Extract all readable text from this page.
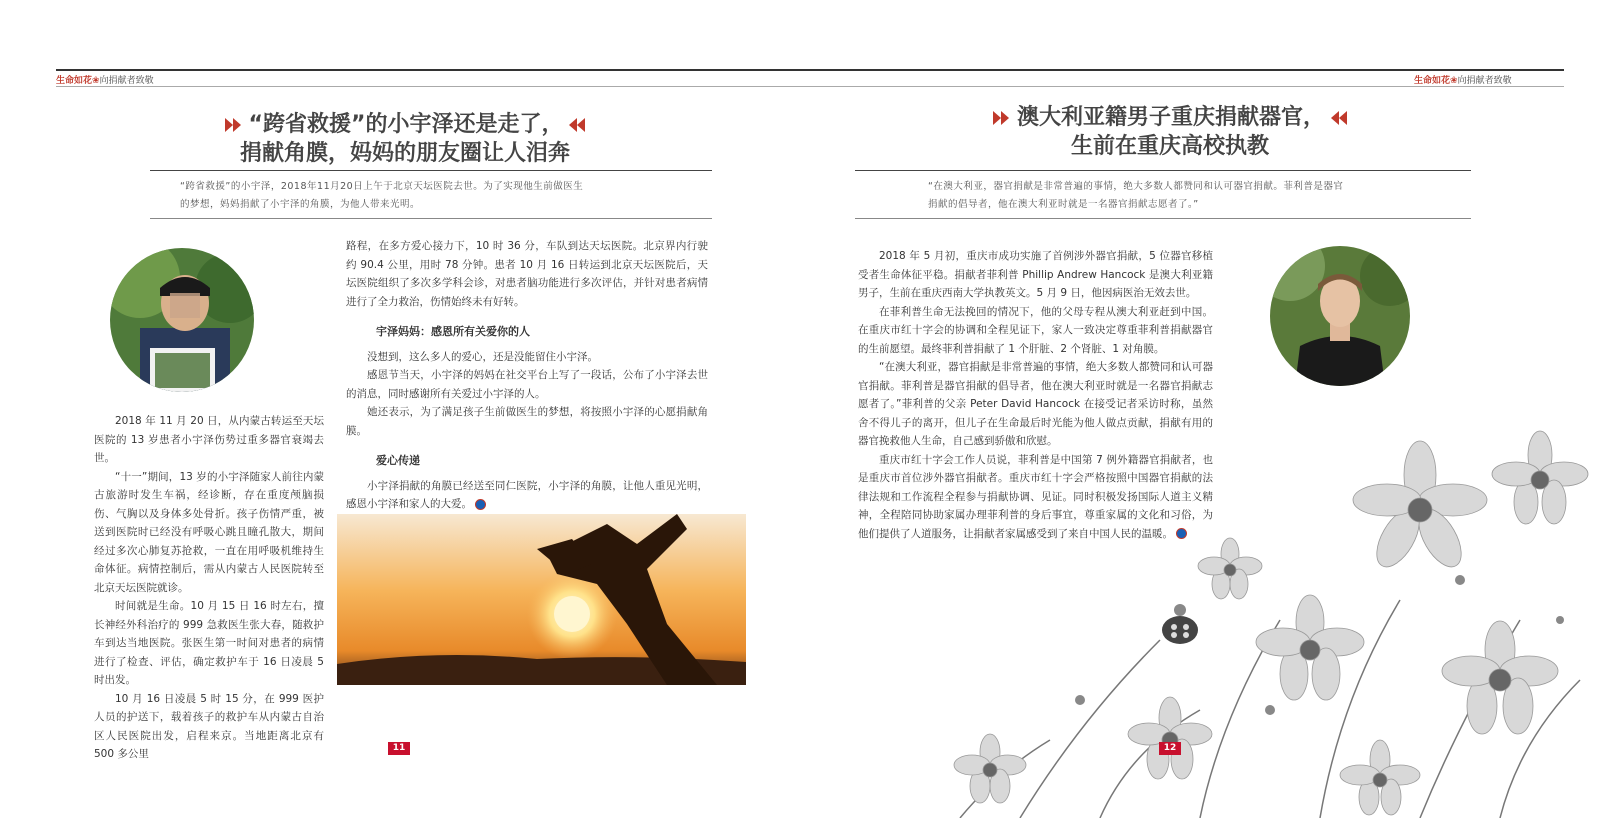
生命如花❀向捐献者致敬	生命如花❀向捐献者致敬
“跨省救援”的小宇泽还是走了，
捐献角膜，妈妈的朋友圈让人泪奔
“跨省救援”的小宇泽，2018年11月20日上午于北京天坛医院去世。为了实现他生前做医生
的梦想，妈妈捐献了小宇泽的角膜，为他人带来光明。

2018 年 11 月 20 日，从内蒙古转运至天坛医院的 13 岁患者小宇泽伤势过重多器官衰竭去世。

“十一”期间，13 岁的小宇泽随家人前往内蒙古旅游时发生车祸，经诊断，存在重度颅脑损伤、气胸以及身体多处骨折。孩子伤情严重，被送到医院时已经没有呼吸心跳且瞳孔散大，期间经过多次心肺复苏抢救，一直在用呼吸机维持生命体征。病情控制后，需从内蒙古人民医院转至北京天坛医院就诊。

时间就是生命。10 月 15 日 16 时左右，擅长神经外科治疗的 999 急救医生张大春，随救护车到达当地医院。张医生第一时间对患者的病情进行了检查、评估，确定救护车于 16 日凌晨 5 时出发。

10 月 16 日凌晨 5 时 15 分，在 999 医护人员的护送下，载着孩子的救护车从内蒙古自治区人民医院出发，启程来京。当地距离北京有 500 多公里

路程，在多方爱心接力下，10 时 36 分，车队到达天坛医院。北京界内行驶约 90.4 公里，用时 78 分钟。患者 10 月 16 日转运到北京天坛医院后，天坛医院组织了多次多学科会诊，对患者脑功能进行多次评估，并针对患者病情进行了全力救治，伤情始终未有好转。

宇泽妈妈：感恩所有关爱你的人

没想到，这么多人的爱心，还是没能留住小宇泽。

感恩节当天，小宇泽的妈妈在社交平台上写了一段话，公布了小宇泽去世的消息，同时感谢所有关爱过小宇泽的人。

她还表示，为了满足孩子生前做医生的梦想，将按照小宇泽的心愿捐献角膜。

爱心传递

小宇泽捐献的角膜已经送至同仁医院，小宇泽的角膜，让他人重见光明，感恩小宇泽和家人的大爱。

11
澳大利亚籍男子重庆捐献器官，
生前在重庆高校执教
“在澳大利亚，器官捐献是非常普遍的事情，绝大多数人都赞同和认可器官捐献。菲利普是器官
捐献的倡导者，他在澳大利亚时就是一名器官捐献志愿者了。”

2018 年 5 月初，重庆市成功实施了首例涉外器官捐献，5 位器官移植受者生命体征平稳。捐献者菲利普 Phillip Andrew Hancock 是澳大利亚籍男子，生前在重庆西南大学执教英文。5 月 9 日，他因病医治无效去世。

在菲利普生命无法挽回的情况下，他的父母专程从澳大利亚赶到中国。在重庆市红十字会的协调和全程见证下，家人一致决定尊重菲利普捐献器官的生前愿望。最终菲利普捐献了 1 个肝脏、2 个肾脏、1 对角膜。

“在澳大利亚，器官捐献是非常普遍的事情，绝大多数人都赞同和认可器官捐献。菲利普是器官捐献的倡导者，他在澳大利亚时就是一名器官捐献志愿者了。”菲利普的父亲 Peter David Hancock 在接受记者采访时称，虽然舍不得儿子的离开，但儿子在生命最后时光能为他人做点贡献，捐献有用的器官挽救他人生命，自己感到骄傲和欣慰。

重庆市红十字会工作人员说，菲利普是中国第 7 例外籍器官捐献者，也是重庆市首位涉外器官捐献者。重庆市红十字会严格按照中国器官捐献的法律法规和工作流程全程参与捐献协调、见证。同时积极发扬国际人道主义精神，全程陪同协助家属办理菲利普的身后事宜，尊重家属的文化和习俗，为他们提供了人道服务，让捐献者家属感受到了来自中国人民的温暖。

12
